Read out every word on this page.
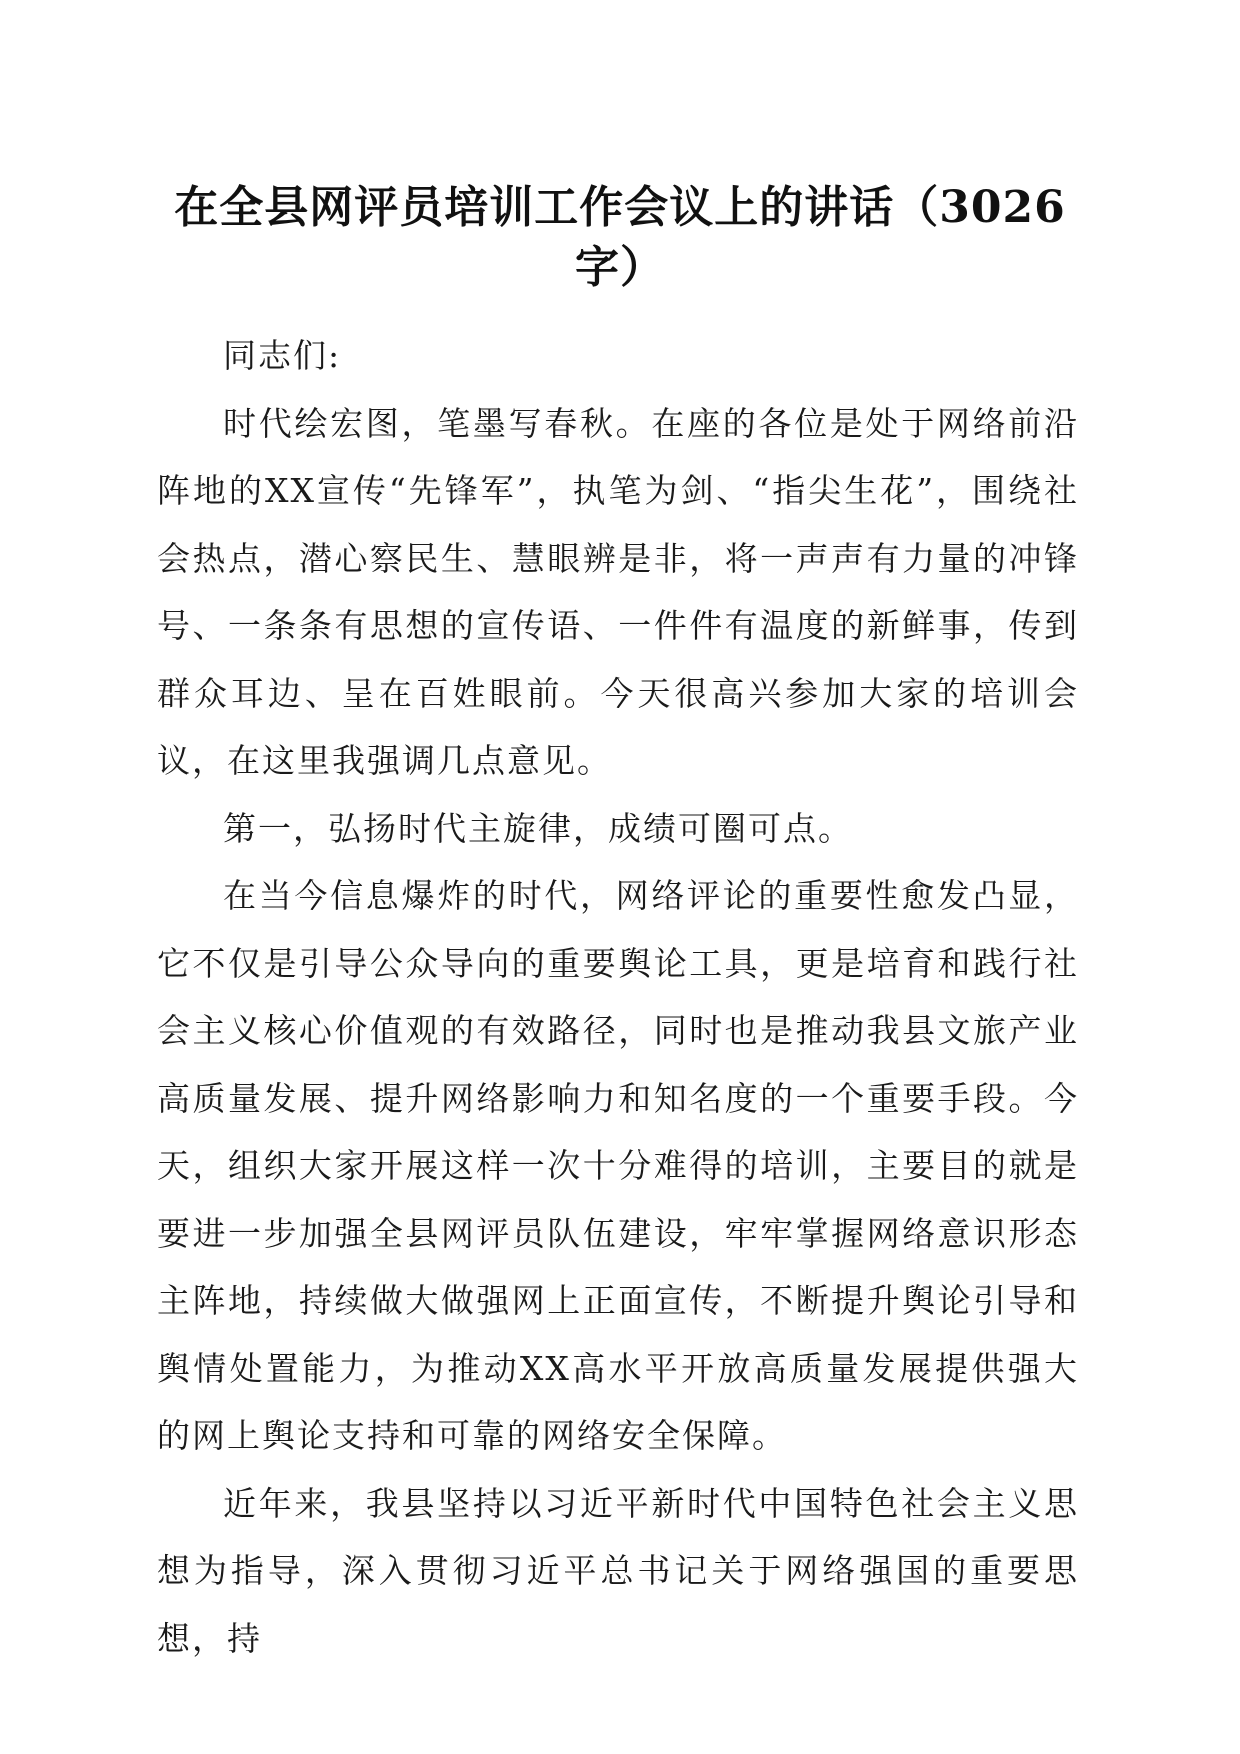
在全县网评员培训工作会议上的讲话（3026字）

同志们:

时代绘宏图，笔墨写春秋。在座的各位是处于网络前沿阵地的XX宣传“先锋军”，执笔为剑、“指尖生花”，围绕社会热点，潜心察民生、慧眼辨是非，将一声声有力量的冲锋号、一条条有思想的宣传语、一件件有温度的新鲜事，传到群众耳边、呈在百姓眼前。今天很高兴参加大家的培训会议，在这里我强调几点意见。

第一，弘扬时代主旋律，成绩可圈可点。

在当今信息爆炸的时代，网络评论的重要性愈发凸显，它不仅是引导公众导向的重要舆论工具，更是培育和践行社会主义核心价值观的有效路径，同时也是推动我县文旅产业高质量发展、提升网络影响力和知名度的一个重要手段。今天，组织大家开展这样一次十分难得的培训，主要目的就是要进一步加强全县网评员队伍建设，牢牢掌握网络意识形态主阵地，持续做大做强网上正面宣传，不断提升舆论引导和舆情处置能力，为推动XX高水平开放高质量发展提供强大的网上舆论支持和可靠的网络安全保障。

近年来，我县坚持以习近平新时代中国特色社会主义思想为指导，深入贯彻习近平总书记关于网络强国的重要思想，持
